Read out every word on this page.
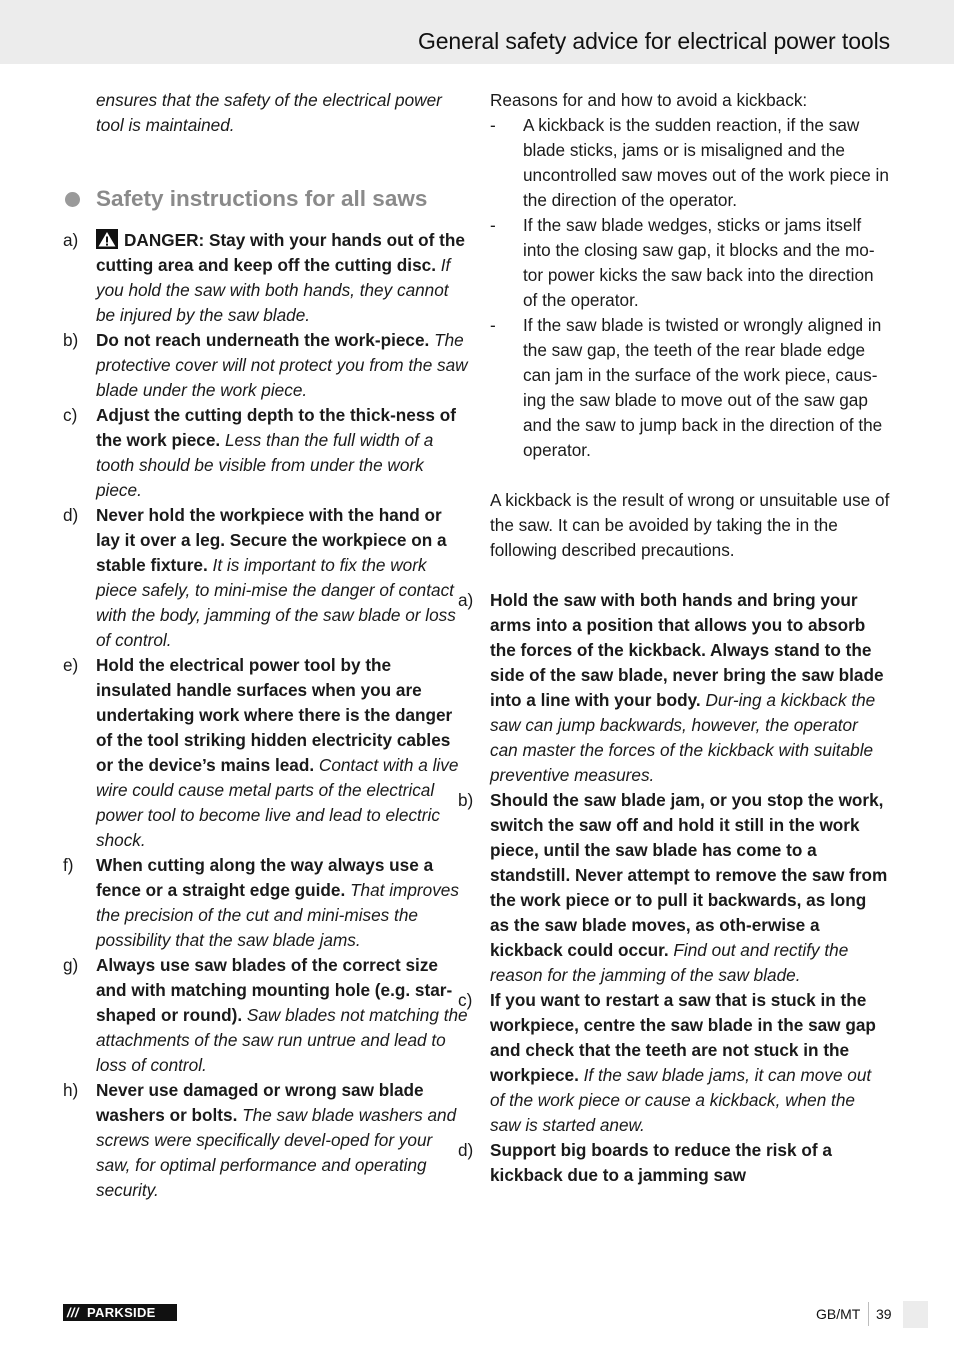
General safety advice for electrical power tools

ensures that the safety of the electrical power tool is maintained.

Safety instructions for all saws
a)	DANGER: Stay with your hands out of the cutting area and keep off the cutting disc. If you hold the saw with both hands, they cannot be injured by the saw blade.
b) Do not reach underneath the work-piece. The protective cover will not protect you from the saw blade under the work piece.
c) Adjust the cutting depth to the thick-ness of the work piece. Less than the full width of a tooth should be visible from under the work piece.
d) Never hold the workpiece with the hand or lay it over a leg. Secure the workpiece on a stable fixture. It is important to fix the work piece safely, to mini-mise the danger of contact with the body, jamming of the saw blade or loss of control.
e) Hold the electrical power tool by the insulated handle surfaces when you are undertaking work where there is the danger of the tool striking hidden electricity cables or the device’s mains lead. Contact with a live wire could cause metal parts of the electrical power tool to become live and lead to electric shock.
f) When cutting along the way always use a fence or a straight edge guide. That improves the precision of the cut and mini-mises the possibility that the saw blade jams.
g) Always use saw blades of the correct size and with matching mounting hole (e.g. star-shaped or round). Saw blades not matching the attachments of the saw run untrue and lead to loss of control.
h) Never use damaged or wrong saw blade washers or bolts. The saw blade washers and screws were specifically devel-oped for your saw, for optimal performance and operating security.

Reasons for and how to avoid a kickback:

- A kickback is the sudden reaction, if the saw blade sticks, jams or is misaligned and the uncontrolled saw moves out of the work piece in the direction of the operator.
- If the saw blade wedges, sticks or jams itself into the closing saw gap, it blocks and the mo-tor power kicks the saw back into the direction of the operator.
- If the saw blade is twisted or wrongly aligned in the saw gap, the teeth of the rear blade edge can jam in the surface of the work piece, caus-ing the saw blade to move out of the saw gap and the saw to jump back in the direction of the operator.

A kickback is the result of wrong or unsuitable use of the saw. It can be avoided by taking the in the following described precautions.

a) Hold the saw with both hands and bring your arms into a position that allows you to absorb the forces of the kickback. Always stand to the side of the saw blade, never bring the saw blade into a line with your body. Dur-ing a kickback the saw can jump backwards, however, the operator can master the forces of the kickback with suitable preventive measures.
b) Should the saw blade jam, or you stop the work, switch the saw off and hold it still in the work piece, until the saw blade has come to a standstill. Never attempt to remove the saw from the work piece or to pull it backwards, as long as the saw blade moves, as oth-erwise a kickback could occur. Find out and rectify the reason for the jamming of the saw blade.
c) If you want to restart a saw that is stuck in the workpiece, centre the saw blade in the saw gap and check that the teeth are not stuck in the workpiece. If the saw blade jams, it can move out of the work piece or cause a kickback, when the saw is started anew.
d) Support big boards to reduce the risk of a kickback due to a jamming saw
/// PARKSIDE	GB/MT 39
